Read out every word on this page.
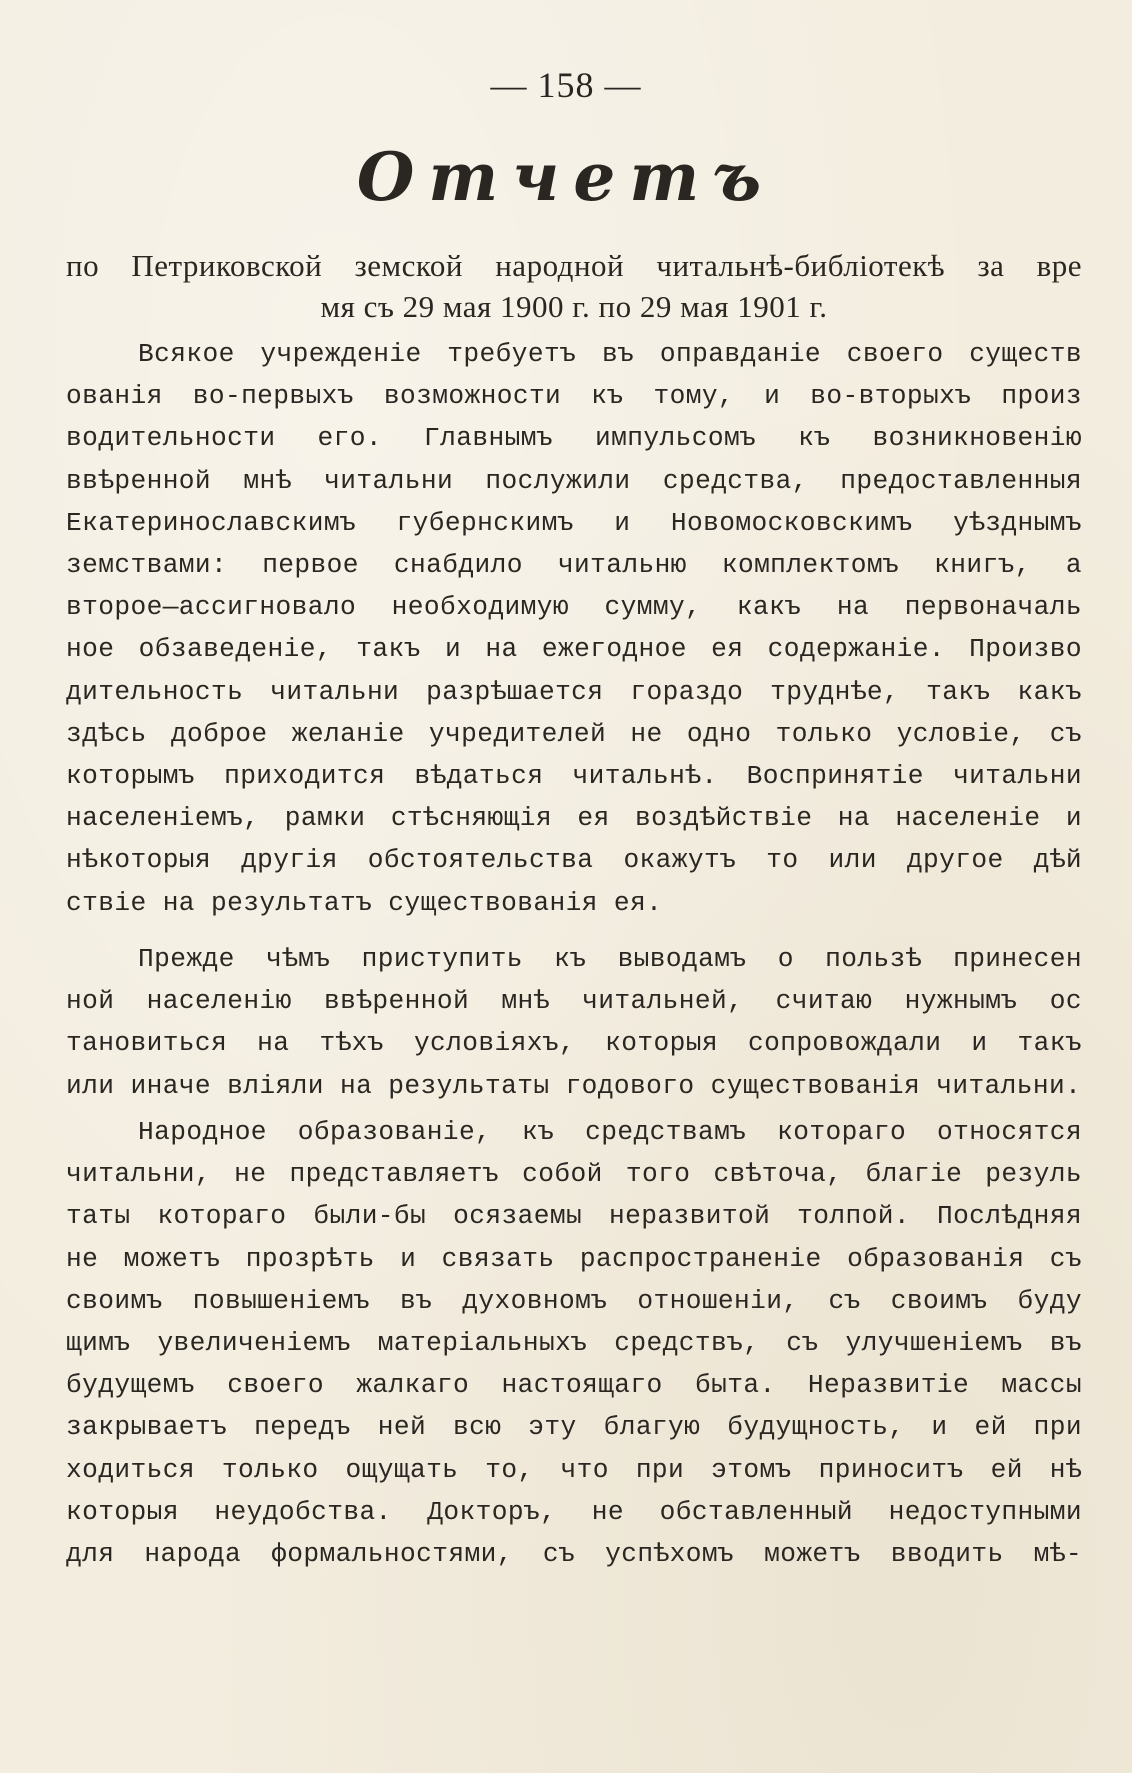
— 158 —
Отчетъ
по Петриковской земской народной читальнѣ-библіотекѣ за вре
мя съ 29 мая 1900 г. по 29 мая 1901 г.
Всякое учрежденіе требуетъ въ оправданіе своего существ
ованія во-первыхъ возможности къ тому, и во-вторыхъ произ
водительности его. Главнымъ импульсомъ къ возникновенію
ввѣренной мнѣ читальни послужили средства, предоставленныя
Екатеринославскимъ губернскимъ и Новомосковскимъ уѣзднымъ
земствами: первое снабдило читальню комплектомъ книгъ, а
второе—ассигновало необходимую сумму, какъ на первоначаль
ное обзаведеніе, такъ и на ежегодное ея содержаніе. Произво
дительность читальни разрѣшается гораздо труднѣе, такъ какъ
здѣсь доброе желаніе учредителей не одно только условіе, съ
которымъ приходится вѣдаться читальнѣ. Воспринятіе читальни
населеніемъ, рамки стѣсняющія ея воздѣйствіе на населеніе и
нѣкоторыя другія обстоятельства окажутъ то или другое дѣй
ствіе на результатъ существованія ея.
Прежде чѣмъ приступить къ выводамъ о пользѣ принесен
ной населенію ввѣренной мнѣ читальней, считаю нужнымъ ос
тановиться на тѣхъ условіяхъ, которыя сопровождали и такъ
или иначе вліяли на результаты годового существованія читальни.
Народное образованіе, къ средствамъ котораго относятся
читальни, не представляетъ собой того свѣточа, благіе резуль
таты котораго были-бы осязаемы неразвитой толпой. Послѣдняя
не можетъ прозрѣть и связать распространеніе образованія съ
своимъ повышеніемъ въ духовномъ отношеніи, съ своимъ буду
щимъ увеличеніемъ матеріальныхъ средствъ, съ улучшеніемъ въ
будущемъ своего жалкаго настоящаго быта. Неразвитіе массы
закрываетъ передъ ней всю эту благую будущность, и ей при
ходиться только ощущать то, что при этомъ приноситъ ей нѣ
которыя неудобства. Докторъ, не обставленный недоступными
для народа формальностями, съ успѣхомъ можетъ вводить мѣ-
